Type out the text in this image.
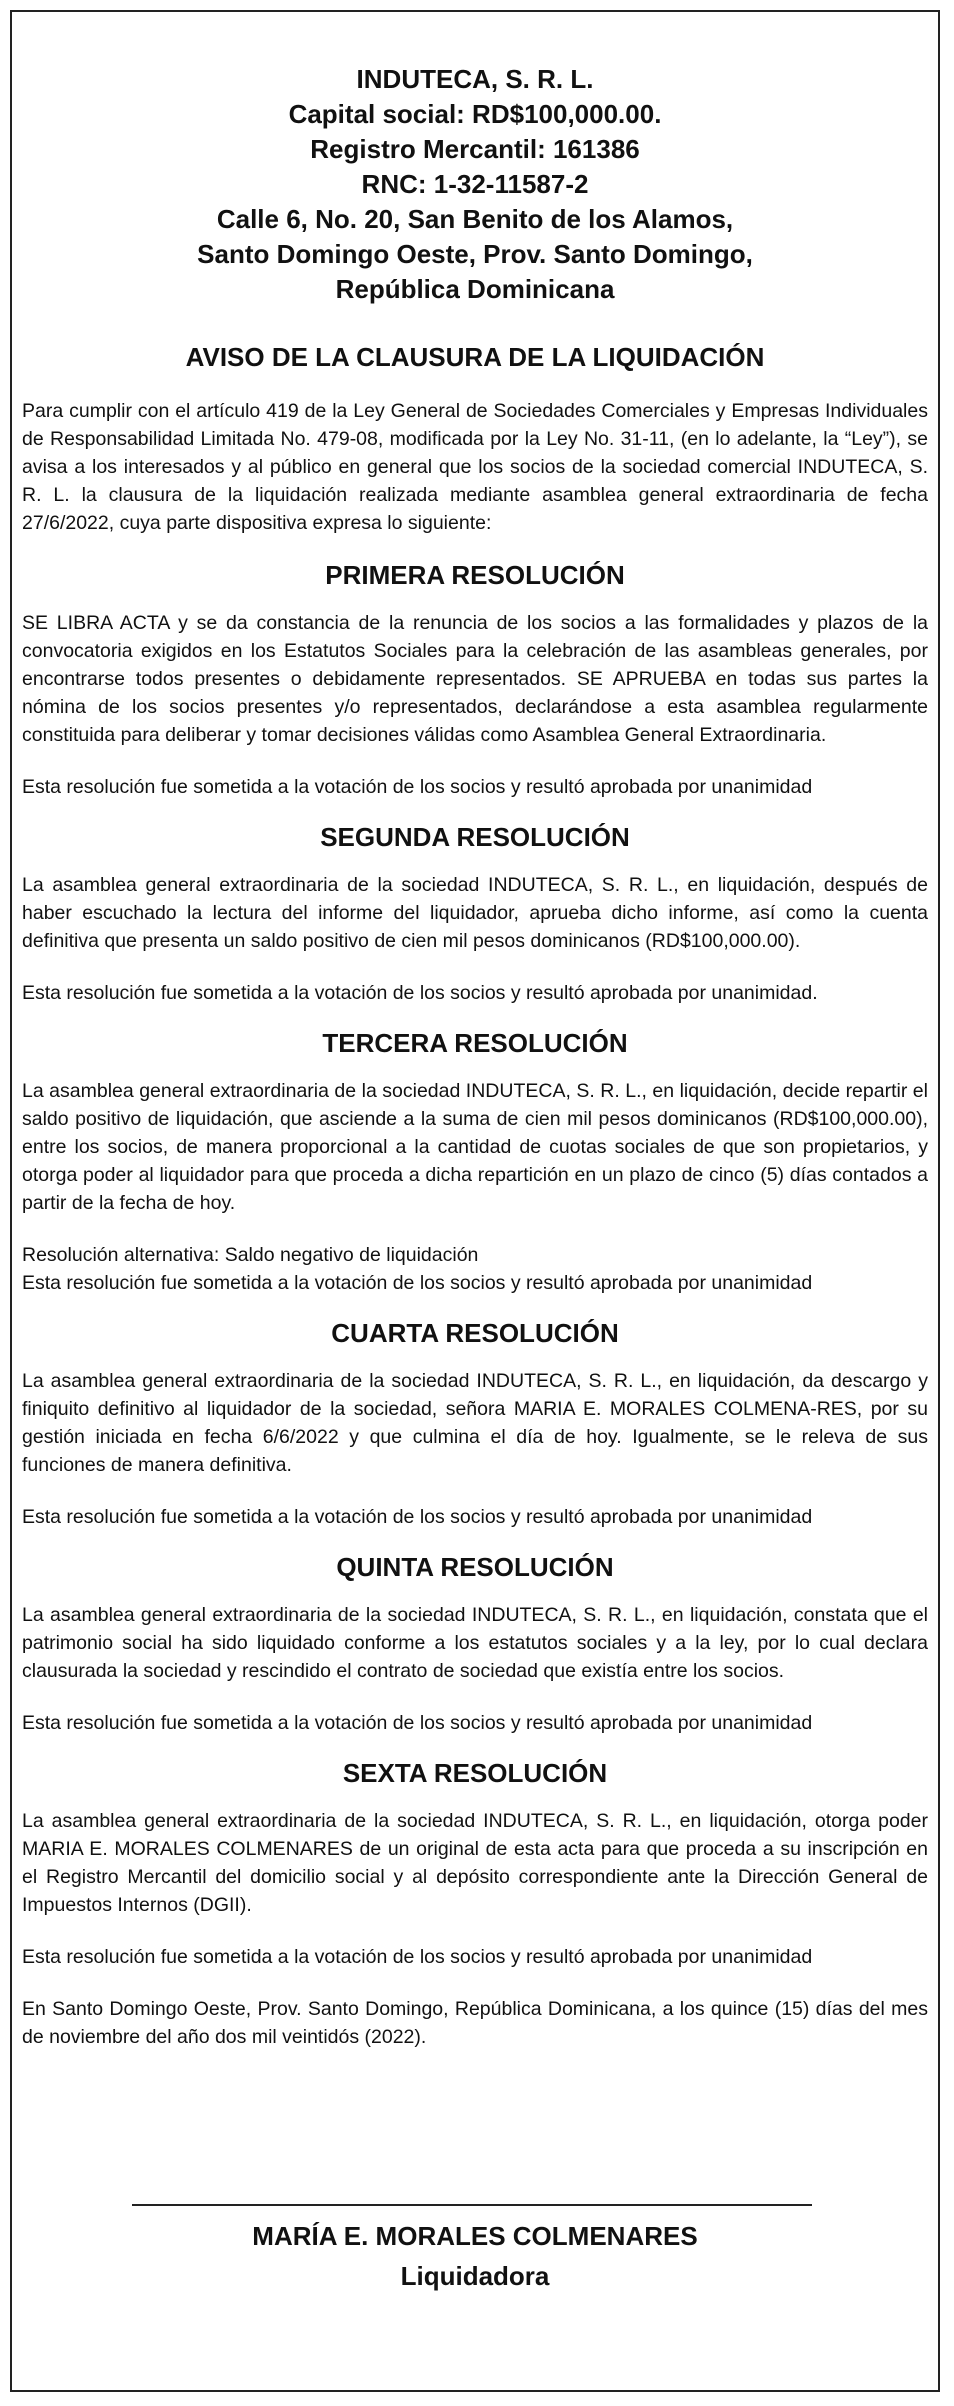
INDUTECA, S. R. L.
Capital social: RD$100,000.00.
Registro Mercantil: 161386
RNC: 1-32-11587-2
Calle 6, No. 20, San Benito de los Alamos,
Santo Domingo Oeste, Prov. Santo Domingo,
República Dominicana
AVISO DE LA CLAUSURA DE LA LIQUIDACIÓN

Para cumplir con el artículo 419 de la Ley General de Sociedades Comerciales y Empresas Individuales de Responsabilidad Limitada No. 479-08, modificada por la Ley No. 31-11, (en lo adelante, la “Ley”), se avisa a los interesados y al público en general que los socios de la sociedad comercial INDUTECA, S. R. L. la clausura de la liquidación realizada mediante asamblea general extraordinaria de fecha 27/6/2022, cuya parte dispositiva expresa lo siguiente:

PRIMERA RESOLUCIÓN

SE LIBRA ACTA y se da constancia de la renuncia de los socios a las formalidades y plazos de la convocatoria exigidos en los Estatutos Sociales para la celebración de las asambleas generales, por encontrarse todos presentes o debidamente representados. SE APRUEBA en todas sus partes la nómina de los socios presentes y/o representados, declarándose a esta asamblea regularmente constituida para deliberar y tomar decisiones válidas como Asamblea General Extraordinaria.

Esta resolución fue sometida a la votación de los socios y resultó aprobada por unanimidad

SEGUNDA RESOLUCIÓN

La asamblea general extraordinaria de la sociedad INDUTECA, S. R. L., en liquidación, después de haber escuchado la lectura del informe del liquidador, aprueba dicho informe, así como la cuenta definitiva que presenta un saldo positivo de cien mil pesos dominicanos (RD$100,000.00).

Esta resolución fue sometida a la votación de los socios y resultó aprobada por unanimidad.

TERCERA RESOLUCIÓN

La asamblea general extraordinaria de la sociedad INDUTECA, S. R. L., en liquidación, decide repartir el saldo positivo de liquidación, que asciende a la suma de cien mil pesos dominicanos (RD$100,000.00), entre los socios, de manera proporcional a la cantidad de cuotas sociales de que son propietarios, y otorga poder al liquidador para que proceda a dicha repartición en un plazo de cinco (5) días contados a partir de la fecha de hoy.

Resolución alternativa: Saldo negativo de liquidación

Esta resolución fue sometida a la votación de los socios y resultó aprobada por unanimidad

CUARTA RESOLUCIÓN

La asamblea general extraordinaria de la sociedad INDUTECA, S. R. L., en liquidación, da descargo y finiquito definitivo al liquidador de la sociedad, señora MARIA E. MORALES COLMENA-RES, por su gestión iniciada en fecha 6/6/2022 y que culmina el día de hoy. Igualmente, se le releva de sus funciones de manera definitiva.

Esta resolución fue sometida a la votación de los socios y resultó aprobada por unanimidad

QUINTA RESOLUCIÓN

La asamblea general extraordinaria de la sociedad INDUTECA, S. R. L., en liquidación, constata que el patrimonio social ha sido liquidado conforme a los estatutos sociales y a la ley, por lo cual declara clausurada la sociedad y rescindido el contrato de sociedad que existía entre los socios.

Esta resolución fue sometida a la votación de los socios y resultó aprobada por unanimidad

SEXTA RESOLUCIÓN

La asamblea general extraordinaria de la sociedad INDUTECA, S. R. L., en liquidación, otorga poder MARIA E. MORALES COLMENARES de un original de esta acta para que proceda a su inscripción en el Registro Mercantil del domicilio social y al depósito correspondiente ante la Dirección General de Impuestos Internos (DGII).

Esta resolución fue sometida a la votación de los socios y resultó aprobada por unanimidad

En Santo Domingo Oeste, Prov. Santo Domingo, República Dominicana, a los quince (15) días del mes de noviembre del año dos mil veintidós (2022).

MARÍA E. MORALES COLMENARES
Liquidadora
